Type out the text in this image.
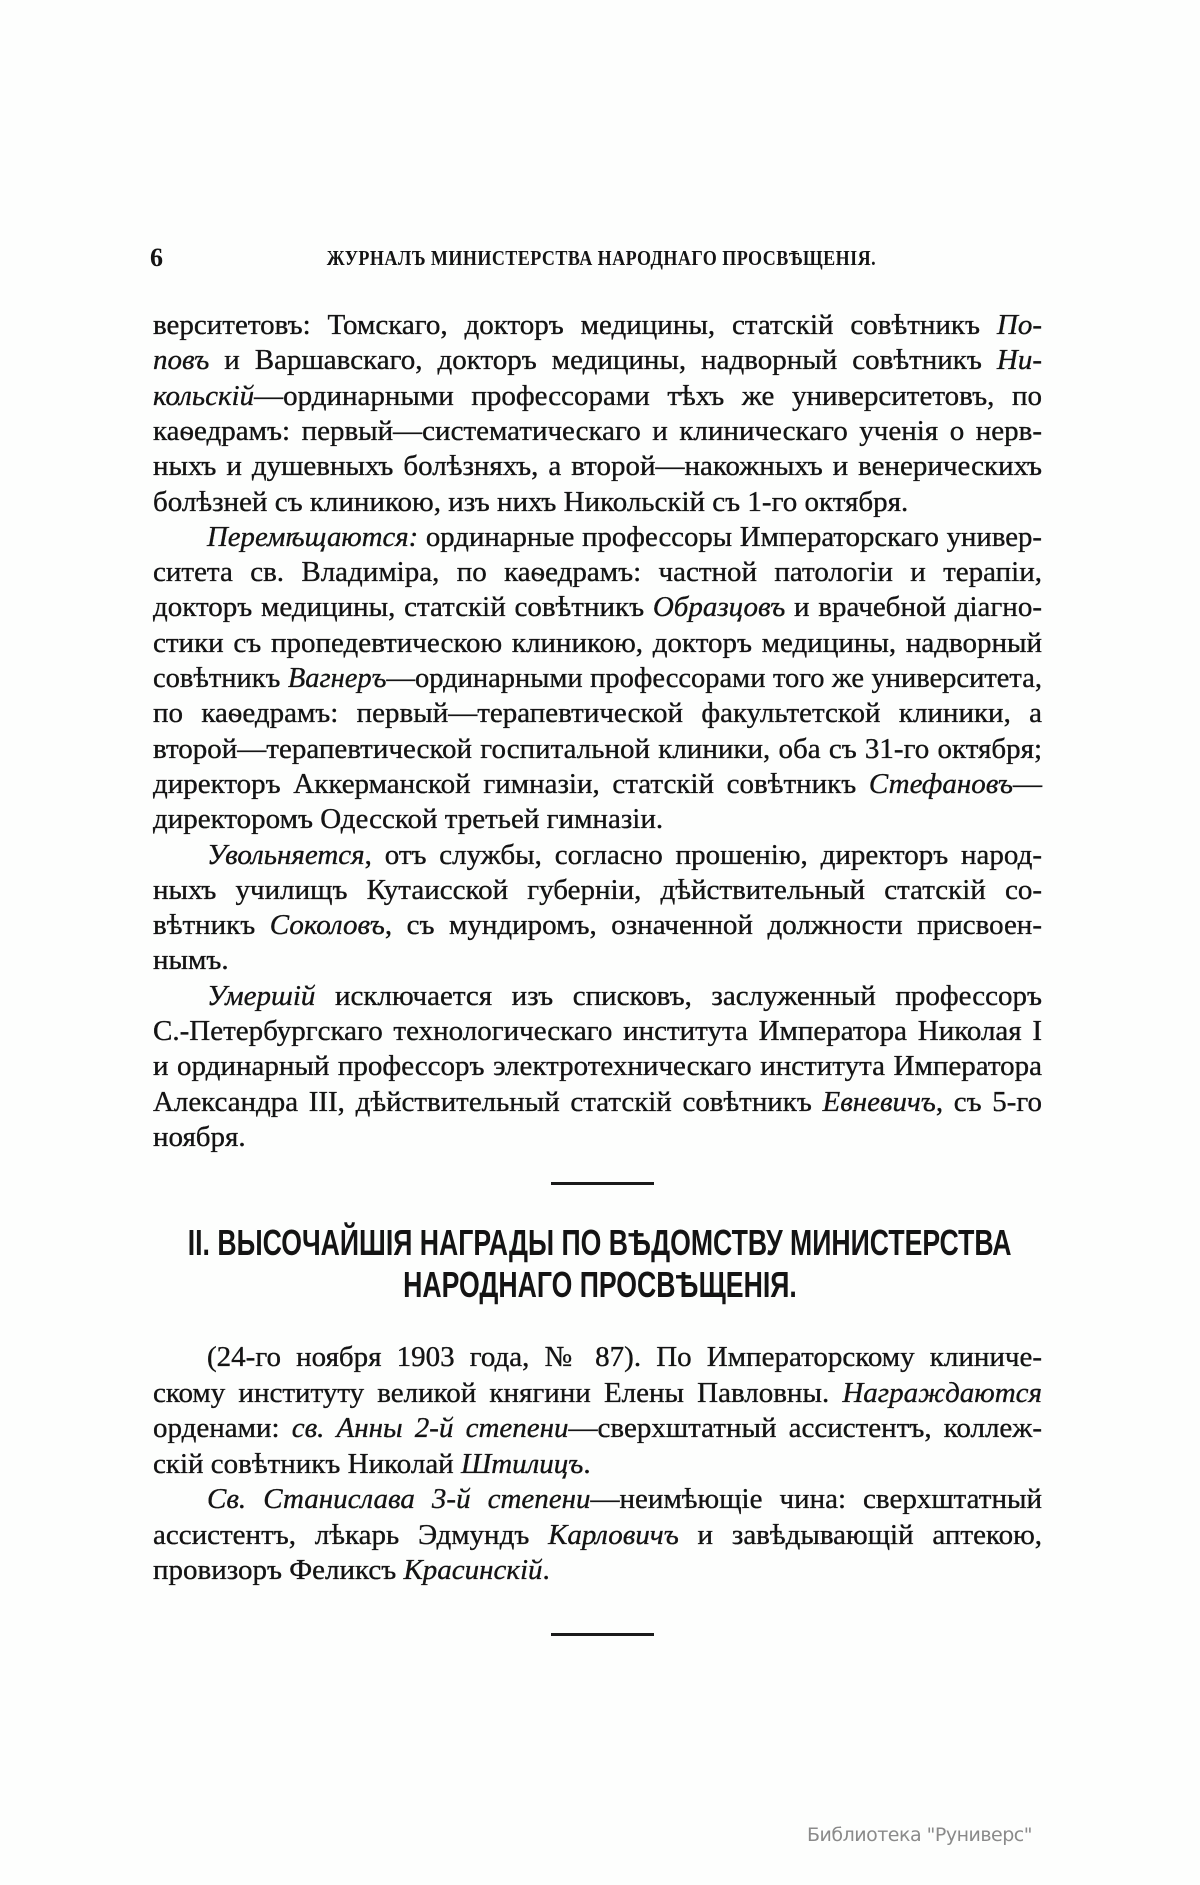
6	ЖУРНАЛЪ МИНИСТЕРСТВА НАРОДНАГО ПРОСВѢЩЕНІЯ.
верситетовъ: Томскаго, докторъ медицины, статскій совѣтникъ По-
повъ и Варшавскаго, докторъ медицины, надворный совѣтникъ Ни-
кольскій—ординарными профессорами тѣхъ же университетовъ, по
каѳедрамъ: первый—систематическаго и клиническаго ученія о нерв-
ныхъ и душевныхъ болѣзняхъ, а второй—накожныхъ и венерическихъ
болѣзней съ клиникою, изъ нихъ Никольскій съ 1-го октября.
Перемѣщаются: ординарные профессоры Императорскаго универ-
ситета св. Владиміра, по каѳедрамъ: частной патологіи и терапіи,
докторъ медицины, статскій совѣтникъ Образцовъ и врачебной діагно-
стики съ пропедевтическою клиникою, докторъ медицины, надворный
совѣтникъ Вагнеръ—ординарными профессорами того же университета,
по каѳедрамъ: первый—терапевтической факультетской клиники, а
второй—терапевтической госпитальной клиники, оба съ 31-го октября;
директоръ Аккерманской гимназіи, статскій совѣтникъ Стефановъ—
директоромъ Одесской третьей гимназіи.
Увольняется, отъ службы, согласно прошенію, директоръ народ-
ныхъ училищъ Кутаисской губерніи, дѣйствительный статскій со-
вѣтникъ Соколовъ, съ мундиромъ, означенной должности присвоен-
нымъ.
Умершій исключается изъ списковъ, заслуженный профессоръ
С.-Петербургскаго технологическаго института Императора Николая I
и ординарный профессоръ электротехническаго института Императора
Александра III, дѣйствительный статскій совѣтникъ Евневичъ, съ 5-го
ноября.
II. ВЫСОЧАЙШІЯ НАГРАДЫ ПО ВѢДОМСТВУ МИНИСТЕРСТВА
НАРОДНАГО ПРОСВѢЩЕНІЯ.
(24-го ноября 1903 года, № 87). По Императорскому клиниче-
скому институту великой княгини Елены Павловны. Награждаются
орденами: св. Анны 2-й степени—сверхштатный ассистентъ, коллеж-
скій совѣтникъ Николай Штилицъ.
Св. Станислава 3-й степени—неимѣющіе чина: сверхштатный
ассистентъ, лѣкарь Эдмундъ Карловичъ и завѣдывающій аптекою,
провизоръ Феликсъ Красинскій.
Библиотека "Руниверс"
